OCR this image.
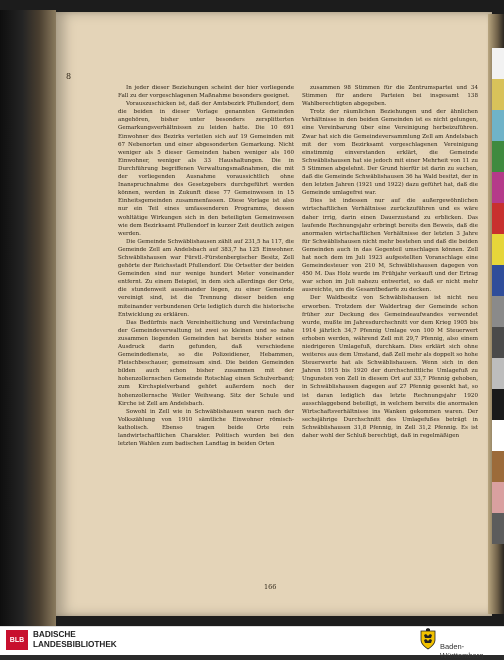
8

In jeder dieser Beziehungen scheint der hier vorliegende Fall zu der vorgeschlagenen Maßnahme besonders geeignet.

Vorauszuschicken ist, daß der Amtsbezirk Pfullendorf, dem die beiden in dieser Vorlage genannten Gemeinden angehören, bisher unter besonders zersplitterten Gemarkungsverhältnissen zu leiden hatte. Die 10 691 Einwohner des Bezirks verteilen sich auf 19 Gemeinden mit 67 Nebenorten und einer abgesonderten Gemarkung. Nicht weniger als 5 dieser Gemeinden haben weniger als 160 Einwohner, weniger als 33 Haushaltungen. Die in Durchführung begriffenen Verwaltungsmaßnahmen, die mit der vorliegenden Ausnahme voraussichtlich ohne Inanspruchnahme des Gesetzgebers durchgeführt werden können, werden in Zukunft diese 77 Gemeinwesen in 15 Einheitsgemeinden zusammenfassen. Diese Vorlage ist also nur ein Teil eines umfassenderen Programms, dessen wohltätige Wirkungen sich in den beteiligten Gemeinwesen wie dem Bezirksamt Pfullendorf in kurzer Zeit deutlich zeigen werden.

Die Gemeinde Schwäblishausen zählt auf 231,5 ha 117, die Gemeinde Zell am Andelsbach auf 383,7 ha 125 Einwohner. Schwäblishausen war Fürstl.-Fürstenbergischer Besitz, Zell gehörte der Reichsstadt Pfullendorf. Die Ortsetter der beiden Gemeinden sind nur wenige hundert Meter voneinander entfernt. Zu einem Beispiel, in dem sich allerdings der Orte, die stundenweit auseinander liegen, zu einer Gemeinde vereinigt sind, ist die Trennung dieser beiden eng miteinander verbundenen Orte lediglich durch die historische Entwicklung zu erklären.

Das Bedürfnis nach Vereinheitlichung und Vereinfachung der Gemeindeverwaltung ist zwei so kleinen und so nahe zusammen liegenden Gemeinden hat bereits bisher seinen Ausdruck darin gefunden, daß verschiedene Gemeindedienste, so die Polizeidiener, Hebammen, Fleischbeschauer, gemeinsam sind. Die beiden Gemeinden bilden auch schon bisher zusammen mit der hohenzollernschen Gemeinde Rotschlag einen Schulverband; zum Kirchspielverband gehört außerdem noch der hohenzollernsche Weiler Weihwang. Sitz der Schule und Kirche ist Zell am Andelsbach.

Sowohl in Zell wie in Schwäblishausen waren nach der Volkszählung von 1910 sämtliche Einwohner römisch-katholisch. Ebenso tragen beide Orte rein landwirtschaftlichen Charakter. Politisch wurden bei den letzten Wahlen zum badischen Landtag in beiden Orten

zusammen 98 Stimmen für die Zentrumspartei und 34 Stimmen für andere Parteien bei insgesamt 138 Wahlberechtigten abgegeben.

Trotz der räumlichen Beziehungen und der ähnlichen Verhältnisse in den beiden Gemeinden ist es nicht gelungen, eine Vereinbarung über eine Vereinigung herbeizuführen. Zwar hat sich die Gemeindeversammlung Zell am Andelsbach mit der vom Bezirksamt vorgeschlagenen Vereinigung einstimmig einverstanden erklärt, die Gemeinde Schwäblishausen hat sie jedoch mit einer Mehrheit von 11 zu 5 Stimmen abgelehnt. Der Grund hierfür ist darin zu suchen, daß die Gemeinde Schwäblishausen 36 ha Wald besitzt, der in den letzten Jahren (1921 und 1922) dazu geführt hat, daß die Gemeinde umlagefrei war.

Dies ist indessen nur auf die außergewöhnlichen wirtschaftlichen Verhältnisse zurückzuführen und es wäre daher irrig, darin einen Dauerzustand zu erblicken. Das laufende Rechnungsjahr erbringt bereits den Beweis, daß die anormalen wirtschaftlichen Verhältnisse der letzten 3 Jahre für Schwäblishausen nicht mehr bestehen und daß die beiden Gemeinden auch in das Gegenteil umschlagen können. Zell hat noch dem im Juli 1923 aufgestellten Voranschlage eine Gemeindesteuer von 210 M, Schwäblishausen dagegen von 450 M. Das Holz wurde im Frühjahr verkauft und der Ertrag war schon im Juli nahezu entwertet, so daß er nicht mehr ausreichte, um die Gesamtbedarfe zu decken.

Der Waldbesitz von Schwäblishausen ist nicht neu erworben. Trotzdem der Waldertrag der Gemeinde schon früher zur Deckung des Gemeindeaufwandes verwendet wurde, mußte im Jahresdurchschnitt vor dem Krieg 1905 bis 1914 jährlich 34,7 Pfennig Umlage von 100 M Steuerwert erhoben werden, während Zell mit 29,7 Pfennig, also einem niedrigeren Umlagefuß, durchkam. Dies erklärt sich ohne weiteres aus dem Umstand, daß Zell mehr als doppelt so hohe Steuerwerte hat als Schwäblishausen. Wenn sich in den Jahren 1915 bis 1920 der durchschnittliche Umlagefuß zu Ungunsten von Zell in diesem Ort auf 33,7 Pfennig gehoben, in Schwäblishausen dagegen auf 27 Pfennig gesenkt hat, so ist daran lediglich das letzte Rechnungsjahr 1920 ausschlaggebend beteiligt, in welchem bereits die anormalen Wirtschaftsverhältnisse ins Wanken gekommen waren. Der sechsjährige Durchschnitt des Umlagefußes beträgt in Schwäblishausen 31,8 Pfennig, in Zell 31,2 Pfennig. Es ist daher wohl der Schluß berechtigt, daß in regelmäßigen

166
BLB
BADISCHE
LANDESBIBLIOTHEK	Baden-Württemberg
